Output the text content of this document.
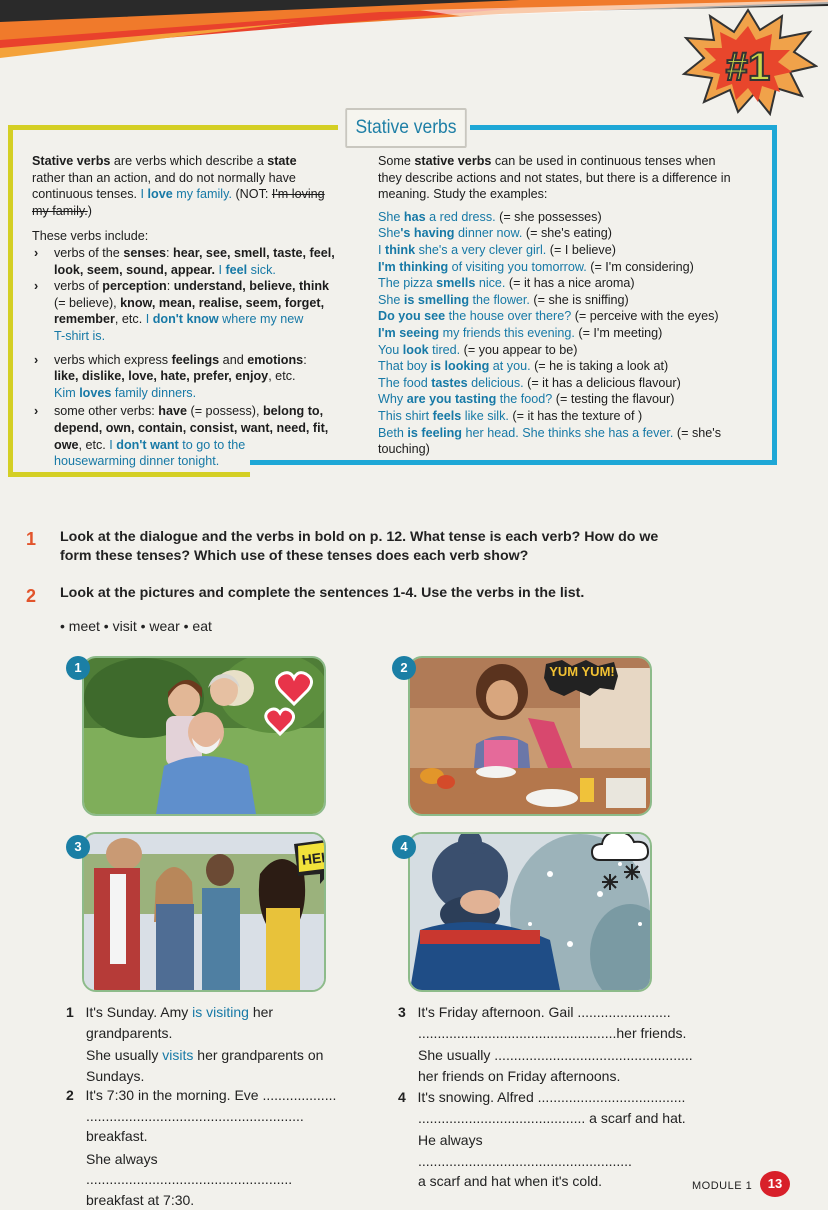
#1
Stative verbs

Stative verbs are verbs which describe a state

rather than an action, and do not normally have

continuous tenses. I love my family. (NOT: I'm loving

my family.)

These verbs include:

› verbs of the senses: hear, see, smell, taste, feel,
look, seem, sound, appear. I feel sick.
› verbs of perception: understand, believe, think
(= believe), know, mean, realise, seem, forget,
remember, etc. I don't know where my new
T-shirt is.
› verbs which express feelings and emotions:
like, dislike, love, hate, prefer, enjoy, etc.
Kim loves family dinners.
› some other verbs: have (= possess), belong to,
depend, own, contain, consist, want, need, fit,
owe, etc. I don't want to go to the
housewarming dinner tonight.

Some stative verbs can be used in continuous tenses when

they describe actions and not states, but there is a difference in

meaning. Study the examples:

She has a red dress. (= she possesses)

She's having dinner now. (= she's eating)

I think she's a very clever girl. (= I believe)

I'm thinking of visiting you tomorrow. (= I'm considering)

The pizza smells nice. (= it has a nice aroma)

She is smelling the flower. (= she is sniffing)

Do you see the house over there? (= perceive with the eyes)

I'm seeing my friends this evening. (= I'm meeting)

You look tired. (= you appear to be)

That boy is looking at you. (= he is taking a look at)

The food tastes delicious. (= it has a delicious flavour)

Why are you tasting the food? (= testing the flavour)

This shirt feels like silk. (= it has the texture of )

Beth is feeling her head. She thinks she has a fever. (= she's

touching)

1 Look at the dialogue and the verbs in bold on p. 12. What tense is each verb? How do we
form these tenses? Which use of these tenses does each verb show?
2 Look at the pictures and complete the sentences 1-4. Use the verbs in the list.
• meet • visit • wear • eat
1	YUM YUM!
2
HELLO
3	4

1 It's Sunday. Amy is visiting her

grandparents.

She usually visits her grandparents on

Sundays.

2 It's 7:30 in the morning. Eve ...................

........................................................ breakfast.

She always .....................................................

breakfast at 7:30.

3 It's Friday afternoon. Gail ........................

...................................................her friends.

She usually ...................................................

her friends on Friday afternoons.

4 It's snowing. Alfred ......................................

........................................... a scarf and hat.

He always .......................................................

a scarf and hat when it's cold.	MODULE 1	13
